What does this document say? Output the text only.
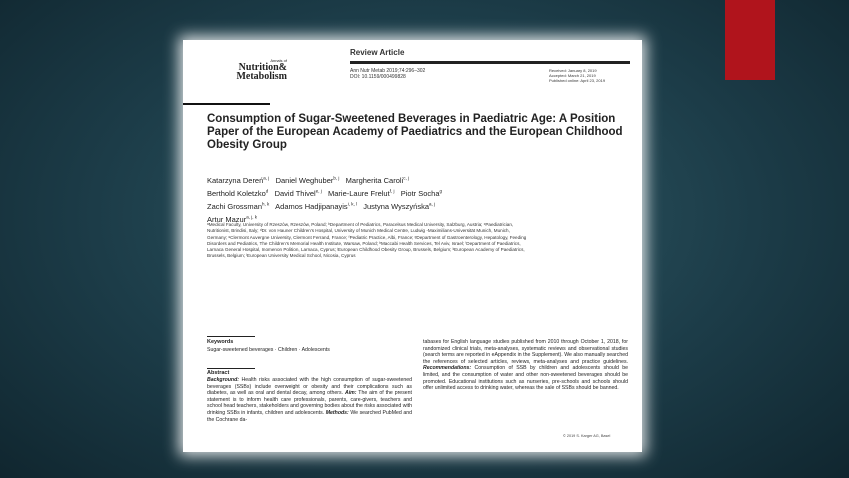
Annals of
Nutrition&
Metabolism
Review Article
Ann Nutr Metab 2019;74:296–302
DOI: 10.1159/000499828
Received: January 8, 2019
Accepted: March 21, 2019
Published online: April 23, 2019
Consumption of Sugar-Sweetened Beverages in Paediatric Age: A Position Paper of the European Academy of Paediatrics and the European Childhood Obesity Group
Katarzyna Dereń$^{a, j}$ Daniel Weghuber$^{b, j}$ Margherita Caroli$^{c, j}$
Berthold Koletzko$^d$ David Thivel$^{e, j}$ Marie-Laure Frelut$^{f, j}$ Piotr Socha$^g$
Zachi Grossman$^{h, k}$ Adamos Hadjipanayis$^{i, k, l}$ Justyna Wyszyńska$^{a, j}$
Artur Mazur$^{a, j, k}$
ᵃMedical Faculty, University of Rzeszów, Rzeszów, Poland; ᵇDepartment of Pediatrics, Paracelsus Medical University, Salzburg, Austria; ᶜPaediatrician, Nutritionist, Brindisi, Italy; ᵈDr. von Hauner Children's Hospital, University of Munich Medical Centre, Ludwig -Maximilians-Universität Munich, Munich, Germany; ᵉClermont Auvergne University, Clermont Ferrand, France; ᶠPediatric Practice, Albi, France; ᵍDepartment of Gastroenterology, Hepatology, Feeding Disorders and Pediatrics, The Children's Memorial Health Institute, Warsaw, Poland; ʰMaccabi Health Services, Tel Aviv, Israel; ⁱDepartment of Paediatrics, Larnaca General Hospital, Inomenon Polition, Larnaca, Cyprus; ʲEuropean Childhood Obesity Group, Brussels, Belgium; ᵏEuropean Academy of Paediatrics, Brussels, Belgium; ˡEuropean University Medical School, Nicosia, Cyprus
Keywords
Sugar-sweetened beverages · Children · Adolescents
Abstract
Background: Health risks associated with the high consumption of sugar-sweetened beverages (SSBs) include overweight or obesity and their complications such as diabetes, as well as oral and dental decay, among others. Aim: The aim of the present statement is to inform health care professionals, parents, care-givers, teachers and school head teachers, stakeholders and governing bodies about the risks associated with drinking SSBs in infants, children and adolescents. Methods: We searched PubMed and the Cochrane da-
tabases for English language studies published from 2010 through October 1, 2018, for randomized clinical trials, meta-analyses, systematic reviews and observational studies (search terms are reported in eAppendix in the Supplement). We also manually searched the references of selected articles, reviews, meta-analyses and practice guidelines. Recommendations: Consumption of SSB by children and adolescents should be limited, and the consumption of water and other non-sweetened beverages should be promoted. Educational institutions such as nurseries, pre-schools and schools should offer unlimited access to drinking water, whereas the sale of SSBs should be banned.
© 2019 S. Karger AG, Basel
